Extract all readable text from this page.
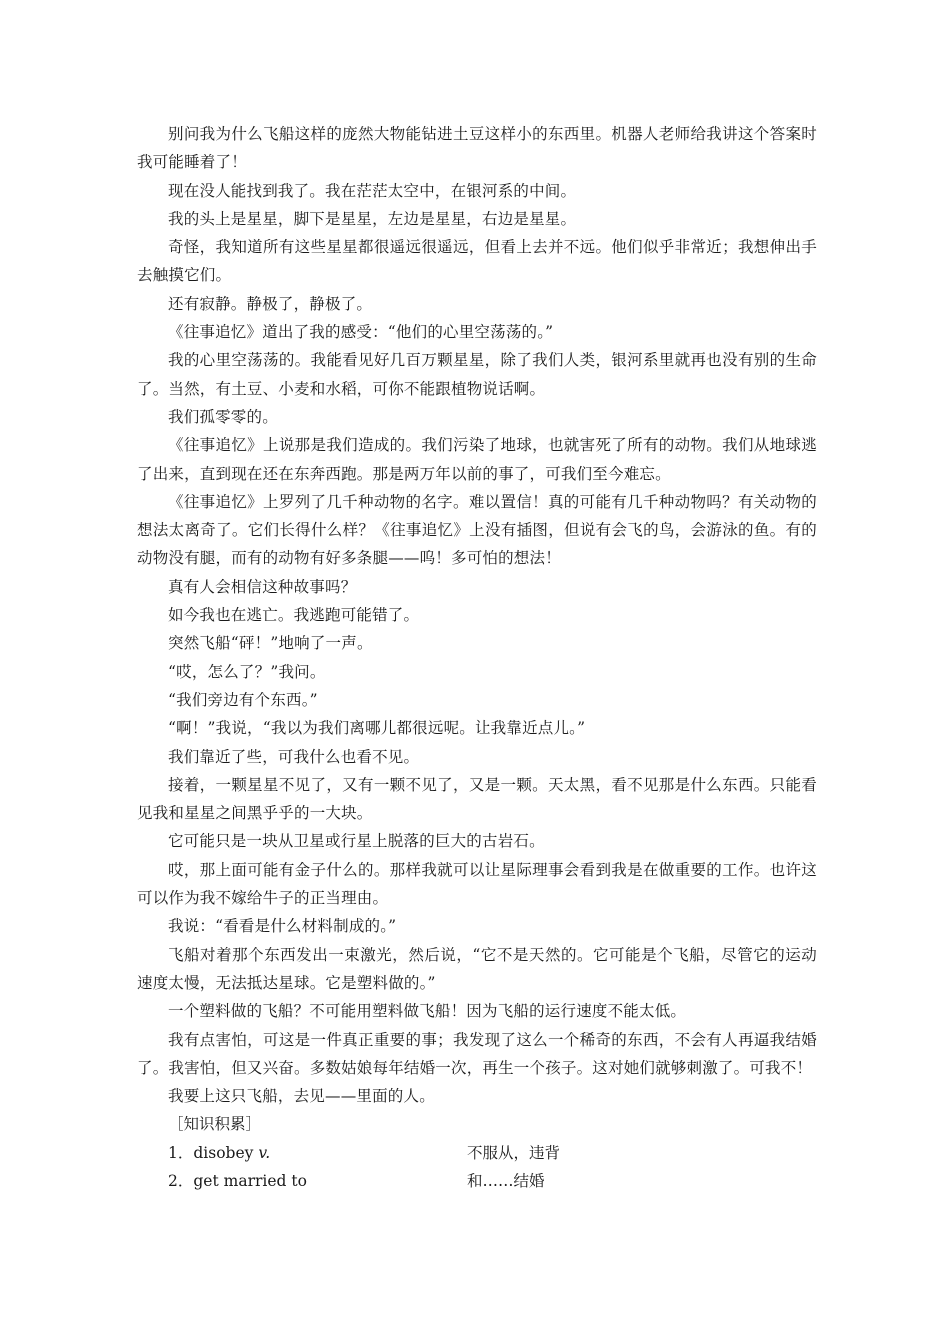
别问我为什么飞船这样的庞然大物能钻进土豆这样小的东西里。机器人老师给我讲这个答案时我可能睡着了！

现在没人能找到我了。我在茫茫太空中，在银河系的中间。

我的头上是星星，脚下是星星，左边是星星，右边是星星。

奇怪，我知道所有这些星星都很遥远很遥远，但看上去并不远。他们似乎非常近；我想伸出手去触摸它们。

还有寂静。静极了，静极了。

《往事追忆》道出了我的感受：“他们的心里空荡荡的。”

我的心里空荡荡的。我能看见好几百万颗星星，除了我们人类，银河系里就再也没有别的生命了。当然，有土豆、小麦和水稻，可你不能跟植物说话啊。

我们孤零零的。

《往事追忆》上说那是我们造成的。我们污染了地球，也就害死了所有的动物。我们从地球逃了出来，直到现在还在东奔西跑。那是两万年以前的事了，可我们至今难忘。

《往事追忆》上罗列了几千种动物的名字。难以置信！真的可能有几千种动物吗？有关动物的想法太离奇了。它们长得什么样？《往事追忆》上没有插图，但说有会飞的鸟，会游泳的鱼。有的动物没有腿，而有的动物有好多条腿——呜！多可怕的想法！

真有人会相信这种故事吗？

如今我也在逃亡。我逃跑可能错了。

突然飞船“砰！”地响了一声。

“哎，怎么了？”我问。

“我们旁边有个东西。”

“啊！”我说，“我以为我们离哪儿都很远呢。让我靠近点儿。”

我们靠近了些，可我什么也看不见。

接着，一颗星星不见了，又有一颗不见了，又是一颗。天太黑，看不见那是什么东西。只能看见我和星星之间黑乎乎的一大块。

它可能只是一块从卫星或行星上脱落的巨大的古岩石。

哎，那上面可能有金子什么的。那样我就可以让星际理事会看到我是在做重要的工作。也许这可以作为我不嫁给牛子的正当理由。

我说：“看看是什么材料制成的。”

飞船对着那个东西发出一束激光，然后说，“它不是天然的。它可能是个飞船，尽管它的运动速度太慢，无法抵达星球。它是塑料做的。”

一个塑料做的飞船？不可能用塑料做飞船！因为飞船的运行速度不能太低。

我有点害怕，可这是一件真正重要的事；我发现了这么一个稀奇的东西，不会有人再逼我结婚了。我害怕，但又兴奋。多数姑娘每年结婚一次，再生一个孩子。这对她们就够刺激了。可我不！

我要上这只飞船，去见——里面的人。

［知识积累］

1．disobey v.	不服从，违背
2．get married to	和……结婚
